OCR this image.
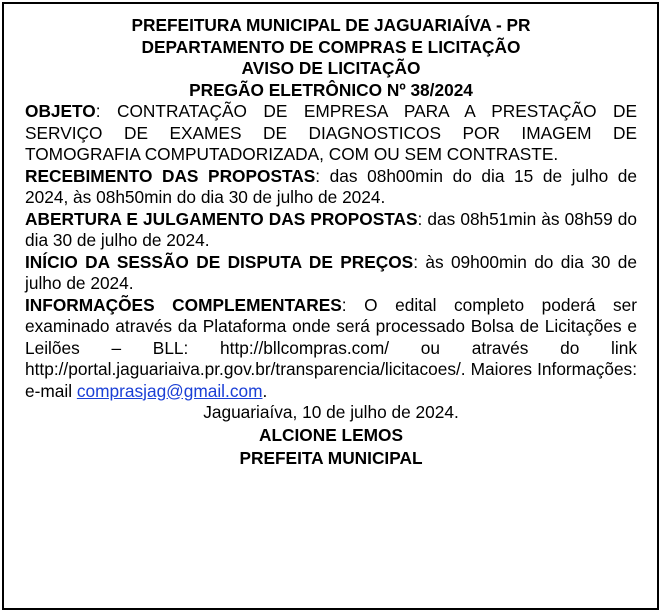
PREFEITURA MUNICIPAL DE JAGUARIAÍVA - PR
DEPARTAMENTO DE COMPRAS E LICITAÇÃO
AVISO DE LICITAÇÃO
PREGÃO ELETRÔNICO Nº 38/2024
OBJETO: CONTRATAÇÃO DE EMPRESA PARA A PRESTAÇÃO DE SERVIÇO DE EXAMES DE DIAGNOSTICOS POR IMAGEM DE TOMOGRAFIA COMPUTADORIZADA, COM OU SEM CONTRASTE.
RECEBIMENTO DAS PROPOSTAS: das 08h00min do dia 15 de julho de 2024, às 08h50min do dia 30 de julho de 2024.
ABERTURA E JULGAMENTO DAS PROPOSTAS: das 08h51min às 08h59 do dia 30 de julho de 2024.
INÍCIO DA SESSÃO DE DISPUTA DE PREÇOS: às 09h00min do dia 30 de julho de 2024.
INFORMAÇÕES COMPLEMENTARES: O edital completo poderá ser examinado através da Plataforma onde será processado Bolsa de Licitações e Leilões – BLL: http://bllcompras.com/ ou através do link http://portal.jaguariaiva.pr.gov.br/transparencia/licitacoes/. Maiores Informações: e-mail comprasjag@gmail.com.
Jaguariaíva, 10 de julho de 2024.
ALCIONE LEMOS
PREFEITA MUNICIPAL
